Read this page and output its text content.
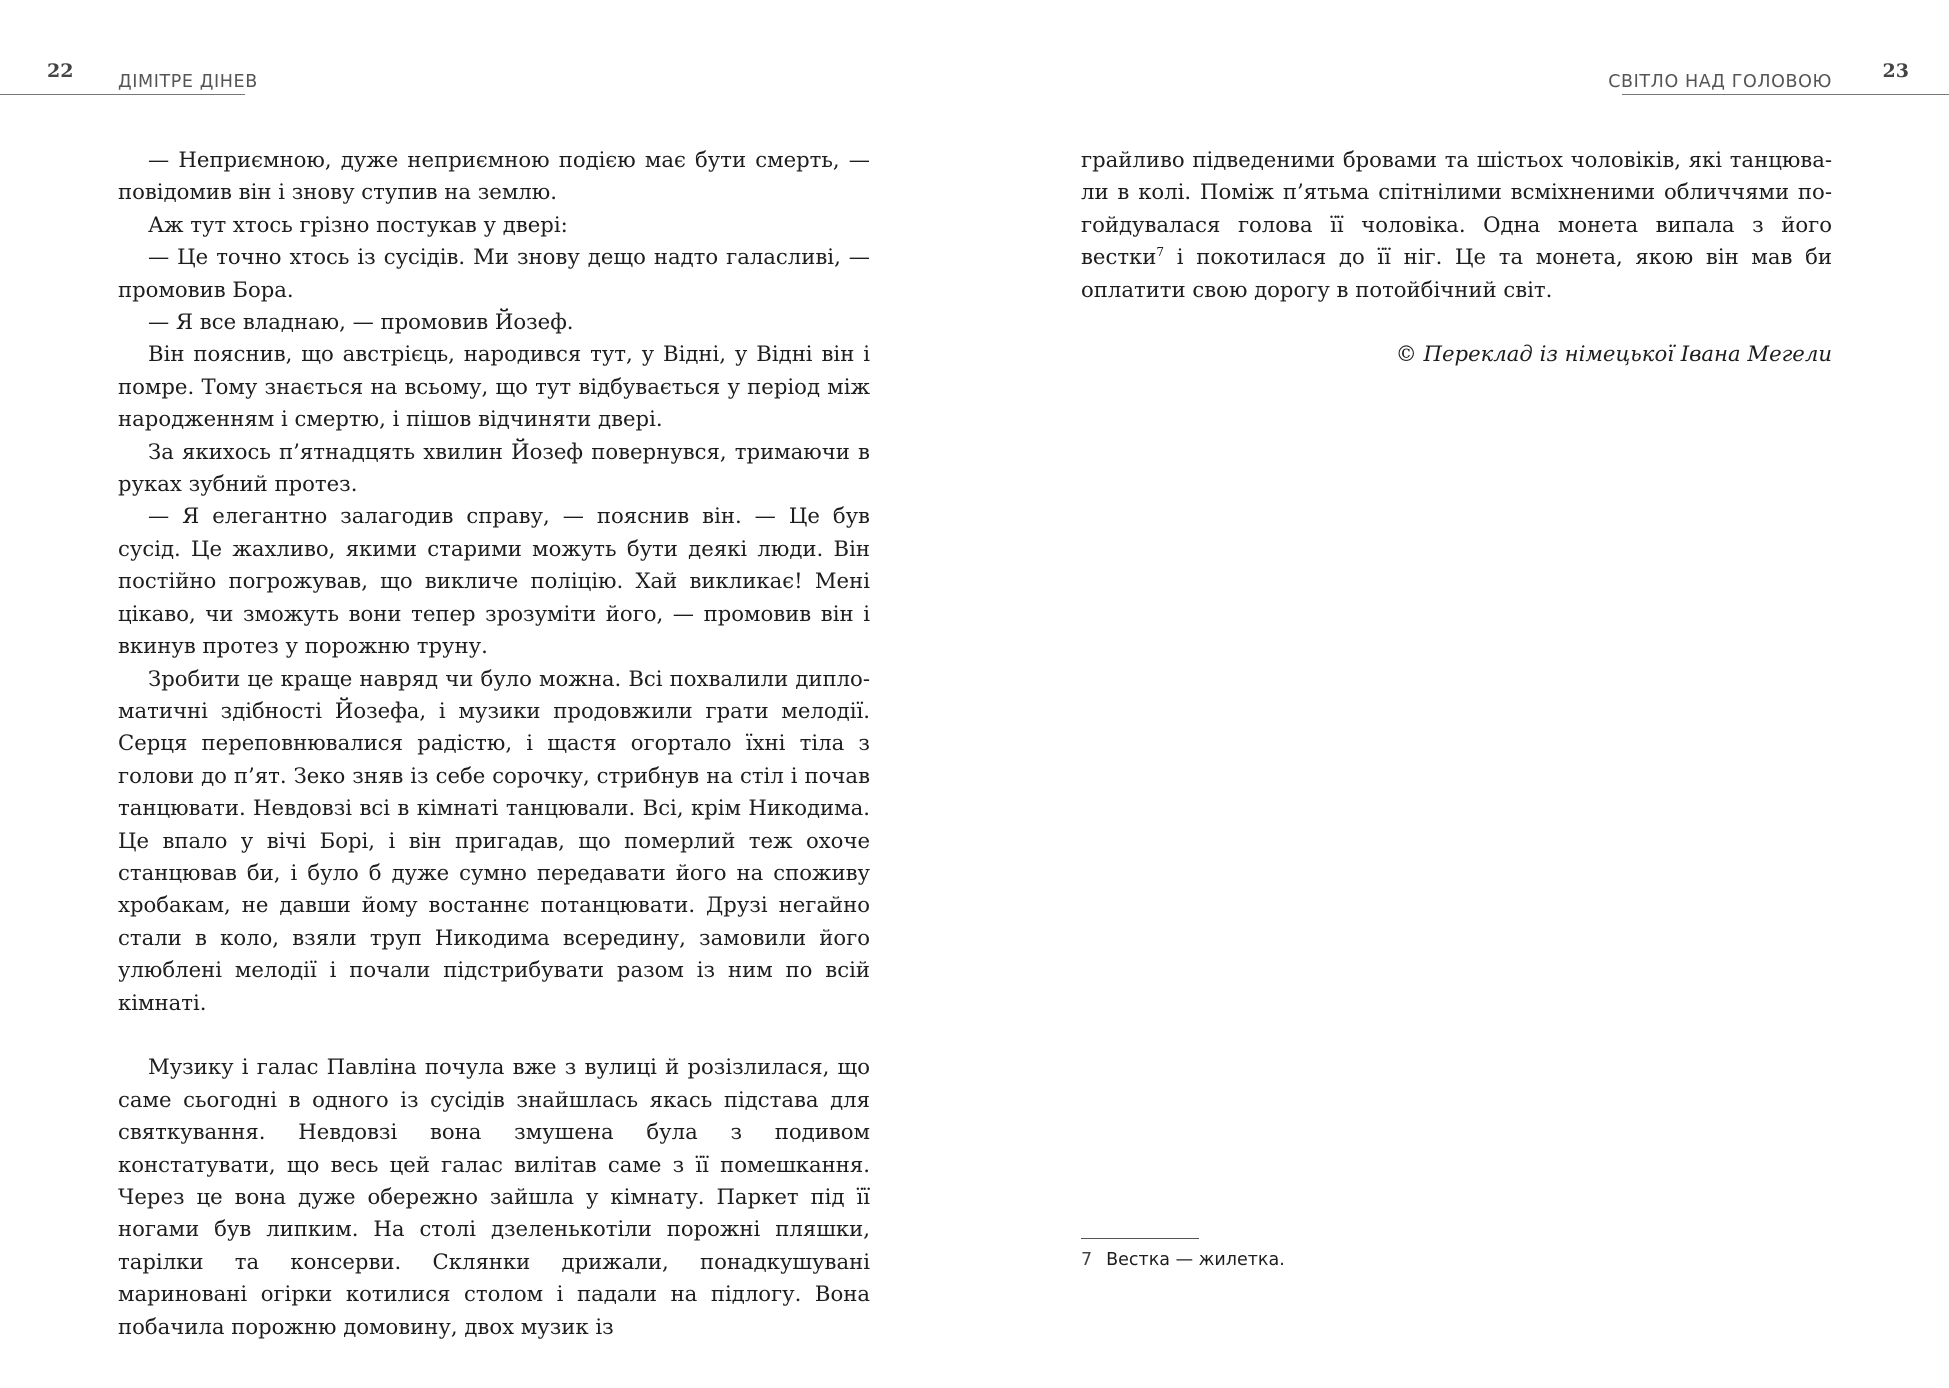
22	ДІМІТРЕ ДІНЕВ	СВІТЛО НАД ГОЛОВОЮ	23

— Неприємною, дуже неприємною подією має бути смерть, — повідомив він і знову ступив на землю.

Аж тут хтось грізно постукав у двері:

— Це точно хтось із сусідів. Ми знову дещо надто галасливі, — промовив Бора.

— Я все владнаю, — промовив Йозеф.

Він пояснив, що австрієць, народився тут, у Відні, у Відні він і помре. Тому знається на всьому, що тут відбувається у період між народженням і смертю, і пішов відчиняти двері.

За якихось п’ятнадцять хвилин Йозеф повернувся, тримаючи в руках зубний протез.

— Я елегантно залагодив справу, — пояснив він. — Це був сусід. Це жахливо, якими старими можуть бути деякі люди. Він постійно погрожував, що викличе поліцію. Хай викликає! Мені цікаво, чи зможуть вони тепер зрозуміти його, — промовив він і вкинув протез у порожню труну.

Зробити це краще навряд чи було можна. Всі похвалили дипломатичні здібності Йозефа, і музики продовжили грати мелодії. Серця переповнювалися радістю, і щастя огортало їхні тіла з голови до п’ят. Зеко зняв із себе сорочку, стрибнув на стіл і почав танцювати. Невдовзі всі в кімнаті танцювали. Всі, крім Никодима. Це впало у вічі Борі, і він пригадав, що померлий теж охоче станцював би, і було б дуже сумно передавати його на споживу хробакам, не давши йому востаннє потанцювати. Друзі негайно стали в коло, взяли труп Никодима всередину, замовили його улюблені мелодії і почали підстрибувати разом із ним по всій кімнаті.

Музику і галас Павліна почула вже з вулиці й розізлилася, що саме сьогодні в одного із сусідів знайшлась якась підстава для святкування. Невдовзі вона змушена була з подивом констатувати, що весь цей галас вилітав саме з її помешкання. Через це вона дуже обережно зайшла у кімнату. Паркет під її ногами був липким. На столі дзеленькотіли порожні пляшки, тарілки та консерви. Склянки дрижали, понадкушувані мариновані огірки котилися столом і падали на підлогу. Вона побачила порожню домовину, двох музик із

грайливо підведеними бровами та шістьох чоловіків, які танцювали в колі. Поміж п’ятьма спітнілими всміхненими обличчями погойдувалася голова її чоловіка. Одна монета випала з його вестки$^7$ і покотилася до її ніг. Це та монета, якою він мав би оплатити свою дорогу в потойбічний світ.

© Переклад із німецької Івана Мегели

7 Вестка — жилетка.
